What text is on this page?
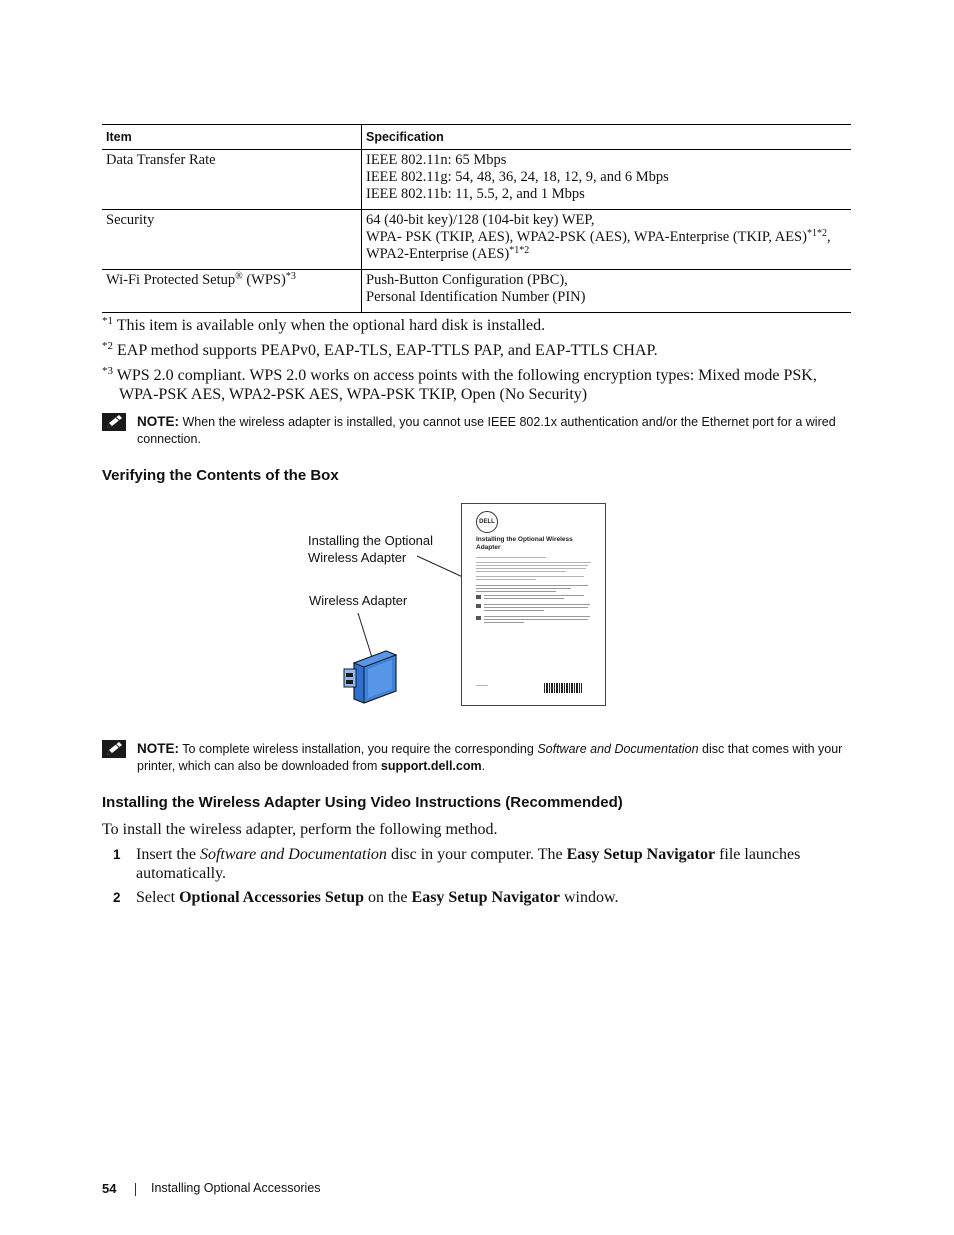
Item	Specification
Data Transfer Rate	IEEE 802.11n: 65 Mbps
IEEE 802.11g: 54, 48, 36, 24, 18, 12, 9, and 6 Mbps
IEEE 802.11b: 11, 5.5, 2, and 1 Mbps

Security	64 (40-bit key)/128 (104-bit key) WEP,
WPA- PSK (TKIP, AES), WPA2-PSK (AES), WPA-Enterprise (TKIP, AES)$^{*1*2}$,
WPA2-Enterprise (AES)$^{*1*2}$

Wi-Fi Protected Setup® (WPS)$^{*3}$	Push-Button Configuration (PBC),
Personal Identification Number (PIN)
$^{*1}$ This item is available only when the optional hard disk is installed.
$^{*2}$ EAP method supports PEAPv0, EAP-TLS, EAP-TTLS PAP, and EAP-TTLS CHAP.
$^{*3}$ WPS 2.0 compliant. WPS 2.0 works on access points with the following encryption types: Mixed mode PSK,
WPA-PSK AES, WPA2-PSK AES, WPA-PSK TKIP, Open (No Security)
NOTE: When the wireless adapter is installed, you cannot use IEEE 802.1x authentication and/or the Ethernet port for a wired connection.
Verifying the Contents of the Box
Installing the Optional
Wireless Adapter
Wireless Adapter
DELL
Installing the Optional Wireless Adapter
NOTE: To complete wireless installation, you require the corresponding Software and Documentation disc that comes with your printer, which can also be downloaded from support.dell.com.
Installing the Wireless Adapter Using Video Instructions (Recommended)
To install the wireless adapter, perform the following method.
1 Insert the Software and Documentation disc in your computer. The Easy Setup Navigator file launches automatically.
2 Select Optional Accessories Setup on the Easy Setup Navigator window.
54	Installing Optional Accessories
